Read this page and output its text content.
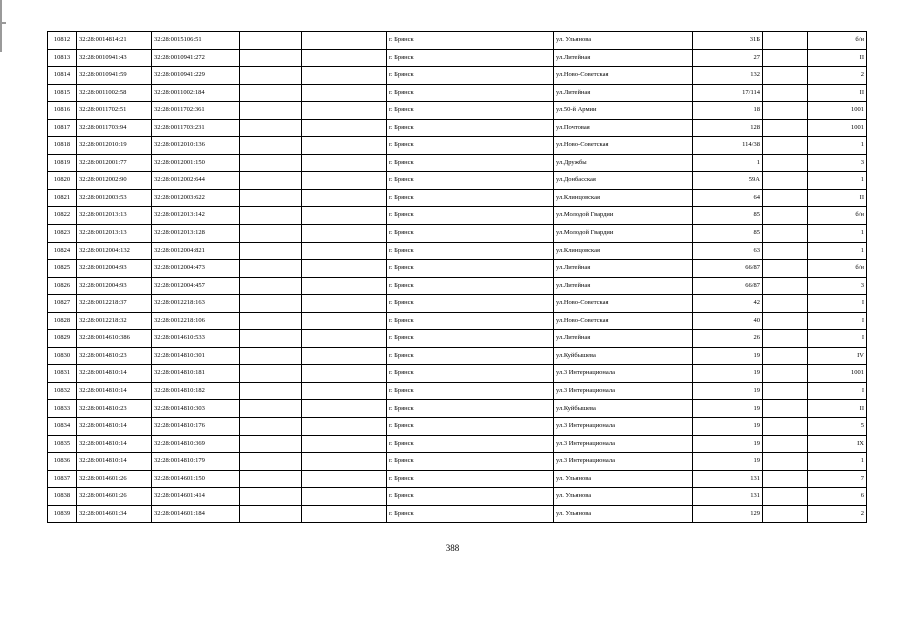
10812	32:28:0014814:21	32:28:0015106:51			г. Брянск	ул. Ульянова	31Б		б/н
10813	32:28:0010941:43	32:28:0010941:272			г. Брянск	ул.Литейная	27		II
10814	32:28:0010941:59	32:28:0010941:229			г. Брянск	ул.Ново-Советская	132		2
10815	32:28:0011002:58	32:28:0011002:184			г. Брянск	ул.Литейная	17/114		II
10816	32:28:0011702:51	32:28:0011702:361			г. Брянск	ул.50-й Армии	18		1001
10817	32:28:0011703:94	32:28:0011703:231			г. Брянск	ул.Почтовая	128		1001
10818	32:28:0012010:19	32:28:0012010:136			г. Брянск	ул.Ново-Советская	114/38		1
10819	32:28:0012001:77	32:28:0012001:150			г. Брянск	ул.Дружбы	1		3
10820	32:28:0012002:90	32:28:0012002:644			г. Брянск	ул.Донбасская	59А		1
10821	32:28:0012003:53	32:28:0012003:622			г. Брянск	ул.Клинцовская	64		II
10822	32:28:0012013:13	32:28:0012013:142			г. Брянск	ул.Молодой Гвардии	85		б/н
10823	32:28:0012013:13	32:28:0012013:128			г. Брянск	ул.Молодой Гвардии	85		1
10824	32:28:0012004:132	32:28:0012004:821			г. Брянск	ул.Клинцовская	63		1
10825	32:28:0012004:93	32:28:0012004:473			г. Брянск	ул.Литейная	66/87		б/н
10826	32:28:0012004:93	32:28:0012004:457			г. Брянск	ул.Литейная	66/87		3
10827	32:28:0012218:37	32:28:0012218:163			г. Брянск	ул.Ново-Советская	42		I
10828	32:28:0012218:32	32:28:0012218:106			г. Брянск	ул.Ново-Советская	40		I
10829	32:28:0014610:386	32:28:0014610:533			г. Брянск	ул.Литейная	26		I
10830	32:28:0014810:23	32:28:0014810:301			г. Брянск	ул.Куйбышева	19		IV
10831	32:28:0014810:14	32:28:0014810:181			г. Брянск	ул.3 Интернационала	19		1001
10832	32:28:0014810:14	32:28:0014810:182			г. Брянск	ул.3 Интернационала	19		I
10833	32:28:0014810:23	32:28:0014810:303			г. Брянск	ул.Куйбышева	19		II
10834	32:28:0014810:14	32:28:0014810:176			г. Брянск	ул.3 Интернационала	19		5
10835	32:28:0014810:14	32:28:0014810:369			г. Брянск	ул.3 Интернационала	19		IX
10836	32:28:0014810:14	32:28:0014810:179			г. Брянск	ул.3 Интернационала	19		1
10837	32:28:0014601:26	32:28:0014601:150			г. Брянск	ул. Ульянова	131		7
10838	32:28:0014601:26	32:28:0014601:414			г. Брянск	ул. Ульянова	131		6
10839	32:28:0014601:34	32:28:0014601:184			г. Брянск	ул. Ульянова	129		2
388
